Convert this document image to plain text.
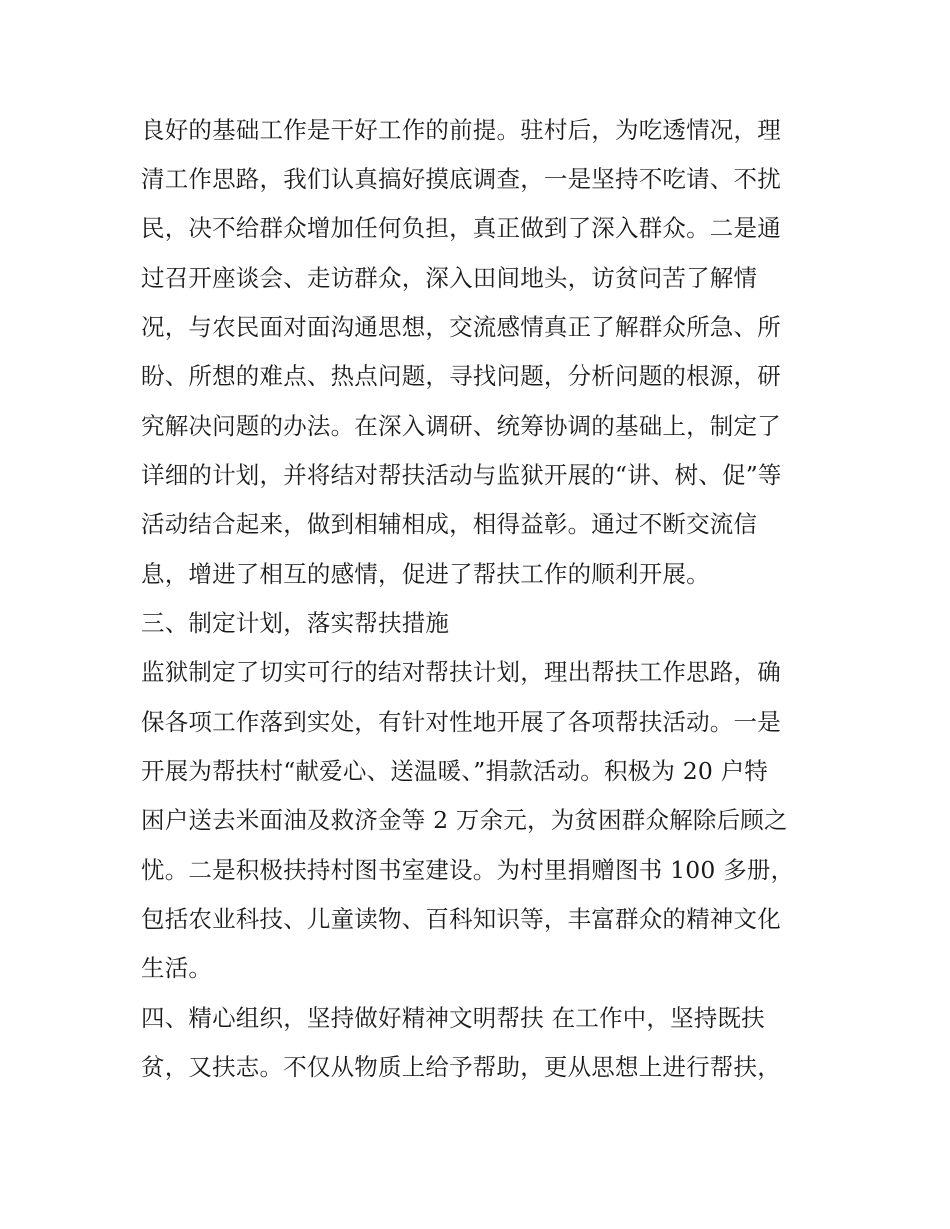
良好的基础工作是干好工作的前提。驻村后，为吃透情况，理
清工作思路，我们认真搞好摸底调查，一是坚持不吃请、不扰
民，决不给群众增加任何负担，真正做到了深入群众。二是通
过召开座谈会、走访群众，深入田间地头，访贫问苦了解情
况，与农民面对面沟通思想，交流感情真正了解群众所急、所
盼、所想的难点、热点问题，寻找问题，分析问题的根源，研
究解决问题的办法。在深入调研、统筹协调的基础上，制定了
详细的计划，并将结对帮扶活动与监狱开展的“讲、树、促”等
活动结合起来，做到相辅相成，相得益彰。通过不断交流信
息，增进了相互的感情，促进了帮扶工作的顺利开展。
三、制定计划，落实帮扶措施
监狱制定了切实可行的结对帮扶计划，理出帮扶工作思路，确
保各项工作落到实处，有针对性地开展了各项帮扶活动。一是
开展为帮扶村“献爱心、送温暖、”捐款活动。积极为 20 户特
困户送去米面油及救济金等 2 万余元，为贫困群众解除后顾之
忧。二是积极扶持村图书室建设。为村里捐赠图书 100 多册，
包括农业科技、儿童读物、百科知识等，丰富群众的精神文化
生活。
四、精心组织，坚持做好精神文明帮扶 在工作中，坚持既扶
贫，又扶志。不仅从物质上给予帮助，更从思想上进行帮扶，
